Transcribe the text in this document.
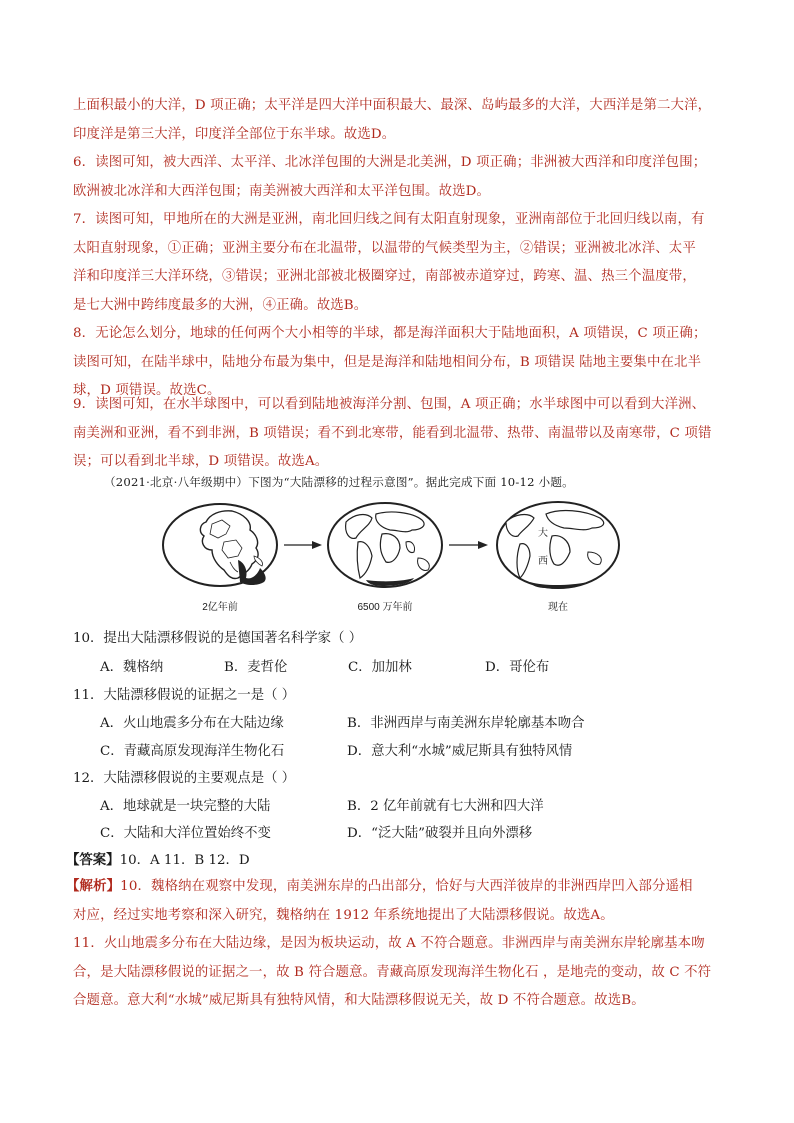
上面积最小的大洋，D 项正确；太平洋是四大洋中面积最大、最深、岛屿最多的大洋，大西洋是第二大洋，
印度洋是第三大洋，印度洋全部位于东半球。故选D。
6．读图可知，被大西洋、太平洋、北冰洋包围的大洲是北美洲，D 项正确；非洲被大西洋和印度洋包围；
欧洲被北冰洋和大西洋包围；南美洲被大西洋和太平洋包围。故选D。
7．读图可知，甲地所在的大洲是亚洲，南北回归线之间有太阳直射现象，亚洲南部位于北回归线以南，有
太阳直射现象，①正确；亚洲主要分布在北温带，以温带的气候类型为主，②错误；亚洲被北冰洋、太平
洋和印度洋三大洋环绕，③错误；亚洲北部被北极圈穿过，南部被赤道穿过，跨寒、温、热三个温度带，
是七大洲中跨纬度最多的大洲，④正确。故选B。
8．无论怎么划分，地球的任何两个大小相等的半球，都是海洋面积大于陆地面积，A 项错误，C 项正确；
读图可知，在陆半球中，陆地分布最为集中，但是是海洋和陆地相间分布，B 项错误 陆地主要集中在北半
球，D 项错误。故选C。
9．读图可知，在水半球图中，可以看到陆地被海洋分割、包围，A 项正确；水半球图中可以看到大洋洲、
南美洲和亚洲，看不到非洲，B 项错误；看不到北寒带，能看到北温带、热带、南温带以及南寒带，C 项错
误；可以看到北半球，D 项错误。故选A。
（2021·北京·八年级期中）下图为“大陆漂移的过程示意图”。据此完成下面 10-12 小题。
2亿年前	6500 万年前
大
西
现在
10．提出大陆漂移假说的是德国著名科学家（ ）
A．魏格纳	B．麦哲伦	C．加加林	D．哥伦布
11．大陆漂移假说的证据之一是（ ）
A．火山地震多分布在大陆边缘	B．非洲西岸与南美洲东岸轮廓基本吻合
C．青藏高原发现海洋生物化石	D．意大利“水城”威尼斯具有独特风情
12．大陆漂移假说的主要观点是（ ）
A．地球就是一块完整的大陆	B．2 亿年前就有七大洲和四大洋
C．大陆和大洋位置始终不变	D．“泛大陆”破裂并且向外漂移
【答案】10．A 11．B 12．D
【解析】10．魏格纳在观察中发现，南美洲东岸的凸出部分，恰好与大西洋彼岸的非洲西岸凹入部分遥相
对应，经过实地考察和深入研究，魏格纳在 1912 年系统地提出了大陆漂移假说。故选A。
11．火山地震多分布在大陆边缘，是因为板块运动，故 A 不符合题意。非洲西岸与南美洲东岸轮廓基本吻
合，是大陆漂移假说的证据之一，故 B 符合题意。青藏高原发现海洋生物化石 ，是地壳的变动，故 C 不符
合题意。意大利“水城”威尼斯具有独特风情，和大陆漂移假说无关，故 D 不符合题意。故选B。
